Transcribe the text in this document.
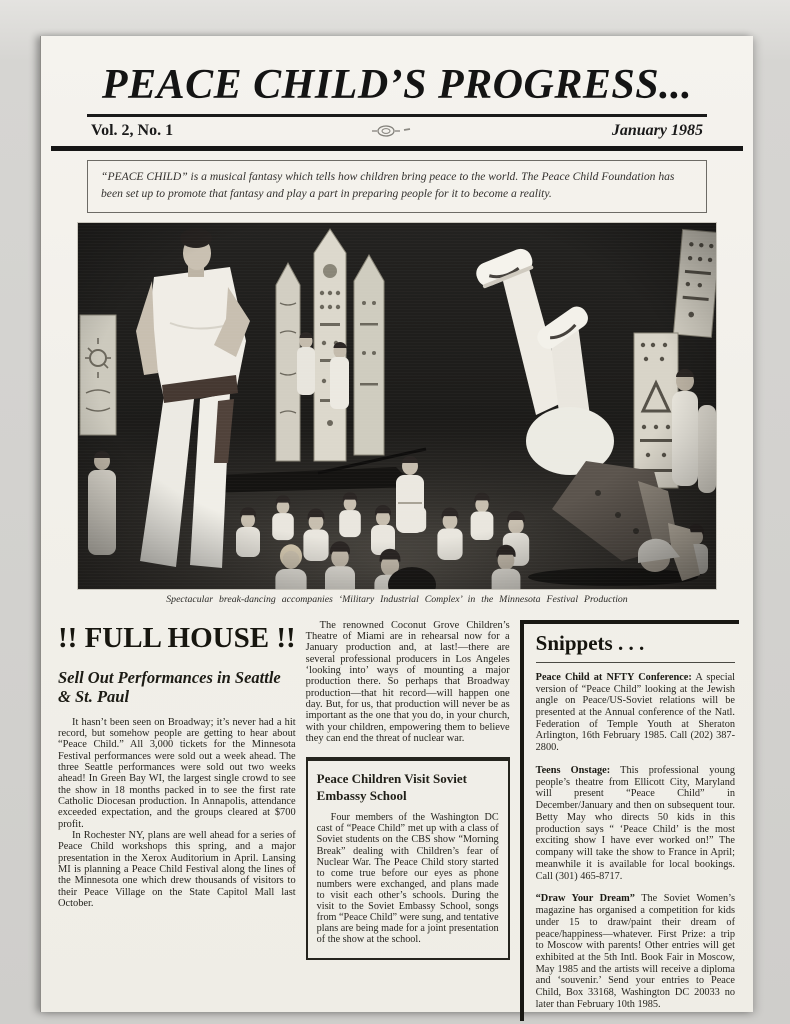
PEACE CHILD’S PROGRESS...
Vol. 2, No. 1	January 1985
“PEACE CHILD” is a musical fantasy which tells how children bring peace to the world. The Peace Child Foundation has been set up to promote that fantasy and play a part in preparing people for it to become a reality.
Spectacular break-dancing accompanies ‘Military Industrial Complex’ in the Minnesota Festival Production
!! FULL HOUSE !!
Sell Out Performances in Seattle & St. Paul

It hasn’t been seen on Broadway; it’s never had a hit record, but somehow people are getting to hear about “Peace Child.” All 3,000 tickets for the Minnesota Festival performances were sold out a week ahead. The three Seattle performances were sold out two weeks ahead! In Green Bay WI, the largest single crowd to see the show in 18 months packed in to see the first rate Catholic Diocesan production. In Annapolis, attendance exceeded expectation, and the groups cleared at $700 profit.

In Rochester NY, plans are well ahead for a series of Peace Child workshops this spring, and a major presentation in the Xerox Auditorium in April. Lansing MI is planning a Peace Child Festival along the lines of the Minnesota one which drew thousands of visitors to their Peace Village on the State Capitol Mall last October.

The renowned Coconut Grove Children’s Theatre of Miami are in rehearsal now for a January production and, at last!—there are several professional producers in Los Angeles ‘looking into’ ways of mounting a major production there. So perhaps that Broadway production—that hit record—will happen one day. But, for us, that production will never be as important as the one that you do, in your church, with your children, empowering them to believe they can end the threat of nuclear war.

Peace Children Visit Soviet Embassy School

Four members of the Washington DC cast of “Peace Child” met up with a class of Soviet students on the CBS show “Morning Break” dealing with Children’s fear of Nuclear War. The Peace Child story started to come true before our eyes as phone numbers were exchanged, and plans made to visit each other’s schools. During the visit to the Soviet Embassy School, songs from “Peace Child” were sung, and tentative plans are being made for a joint presentation of the show at the school.

Snippets . . .

Peace Child at NFTY Conference: A special version of “Peace Child” looking at the Jewish angle on Peace/US-Soviet relations will be presented at the Annual conference of the Natl. Federation of Temple Youth at Sheraton Arlington, 16th February 1985. Call (202) 387-2800.

Teens Onstage: This professional young people’s theatre from Ellicott City, Maryland will present “Peace Child” in December/January and then on subsequent tour. Betty May who directs 50 kids in this production says “ ‘Peace Child’ is the most exciting show I have ever worked on!” The company will take the show to France in April; meanwhile it is available for local bookings. Call (301) 465-8717.

“Draw Your Dream” The Soviet Women’s magazine has organised a competition for kids under 15 to draw/paint their dream of peace/happiness—whatever. First Prize: a trip to Moscow with parents! Other entries will get exhibited at the 5th Intl. Book Fair in Moscow, May 1985 and the artists will receive a diploma and ‘souvenir.’ Send your entries to Peace Child, Box 33168, Washington DC 20033 no later than February 10th 1985.
